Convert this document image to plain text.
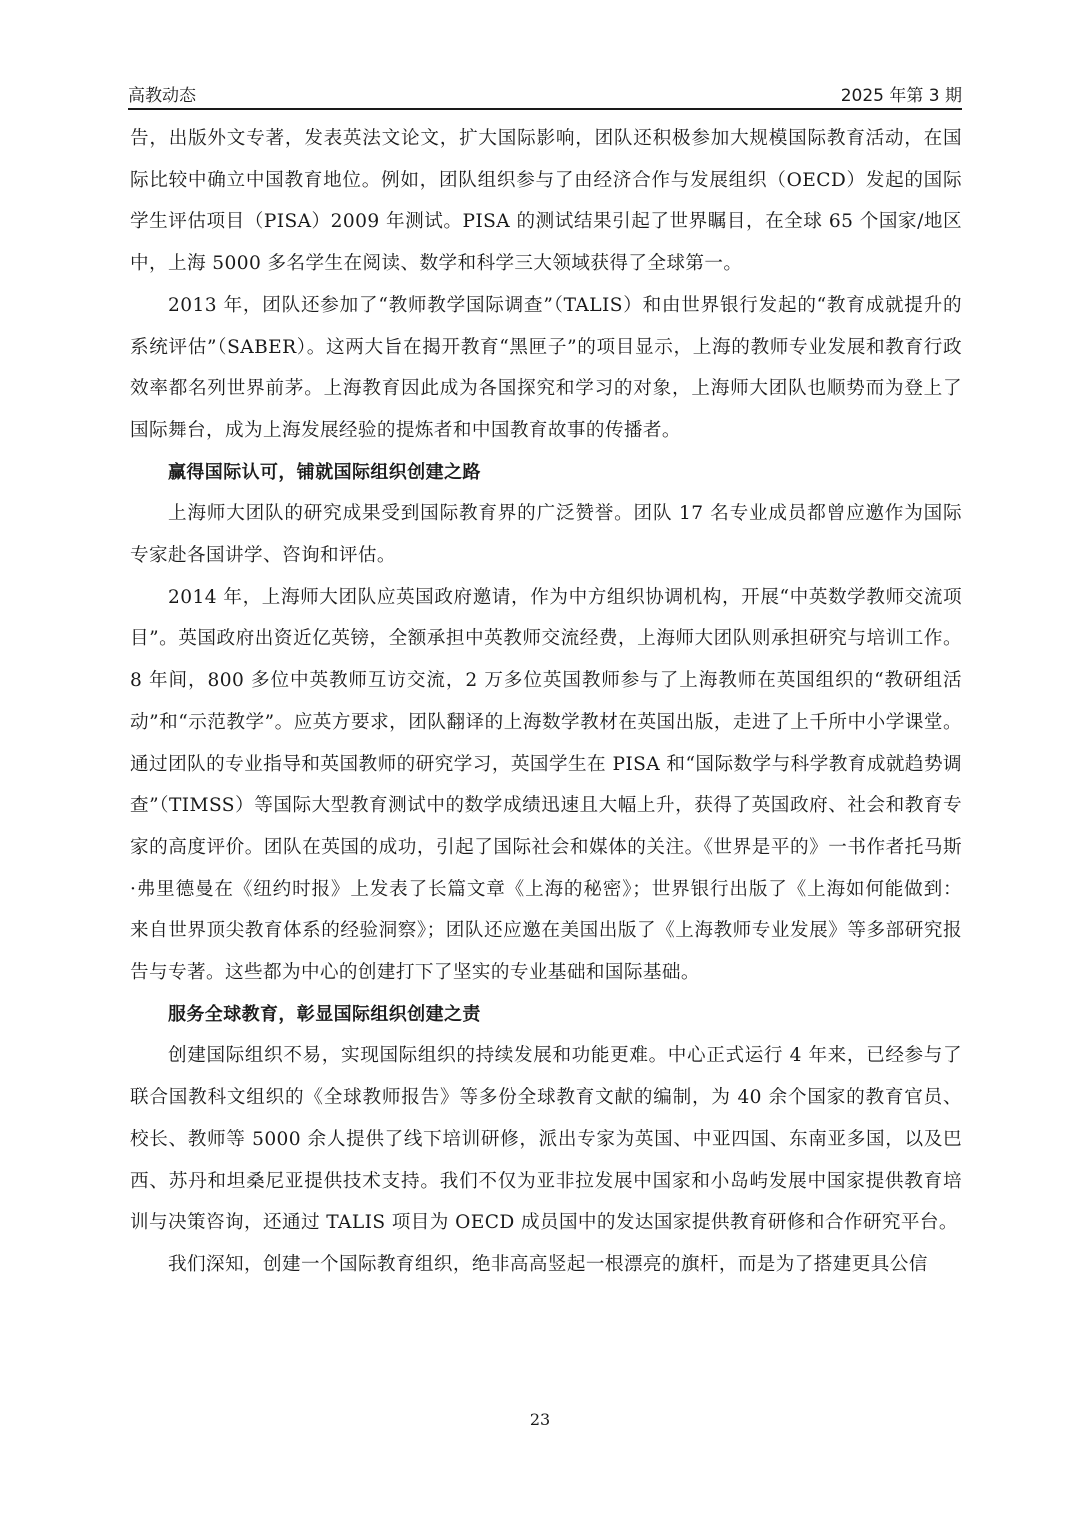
高教动态	2025 年第 3 期

告，出版外文专著，发表英法文论文，扩大国际影响，团队还积极参加大规模国际教育活动，在国际比较中确立中国教育地位。例如，团队组织参与了由经济合作与发展组织（OECD）发起的国际学生评估项目（PISA）2009 年测试。PISA 的测试结果引起了世界瞩目，在全球 65 个国家/地区中，上海 5000 多名学生在阅读、数学和科学三大领域获得了全球第一。

2013 年，团队还参加了“教师教学国际调查”（TALIS）和由世界银行发起的“教育成就提升的系统评估”（SABER）。这两大旨在揭开教育“黑匣子”的项目显示，上海的教师专业发展和教育行政效率都名列世界前茅。上海教育因此成为各国探究和学习的对象，上海师大团队也顺势而为登上了国际舞台，成为上海发展经验的提炼者和中国教育故事的传播者。

赢得国际认可，铺就国际组织创建之路

上海师大团队的研究成果受到国际教育界的广泛赞誉。团队 17 名专业成员都曾应邀作为国际专家赴各国讲学、咨询和评估。

2014 年，上海师大团队应英国政府邀请，作为中方组织协调机构，开展“中英数学教师交流项目”。英国政府出资近亿英镑，全额承担中英教师交流经费，上海师大团队则承担研究与培训工作。8 年间，800 多位中英教师互访交流，2 万多位英国教师参与了上海教师在英国组织的“教研组活动”和“示范教学”。应英方要求，团队翻译的上海数学教材在英国出版，走进了上千所中小学课堂。通过团队的专业指导和英国教师的研究学习，英国学生在 PISA 和“国际数学与科学教育成就趋势调查”（TIMSS）等国际大型教育测试中的数学成绩迅速且大幅上升，获得了英国政府、社会和教育专家的高度评价。团队在英国的成功，引起了国际社会和媒体的关注。《世界是平的》一书作者托马斯·弗里德曼在《纽约时报》上发表了长篇文章《上海的秘密》；世界银行出版了《上海如何能做到：来自世界顶尖教育体系的经验洞察》；团队还应邀在美国出版了《上海教师专业发展》等多部研究报告与专著。这些都为中心的创建打下了坚实的专业基础和国际基础。

服务全球教育，彰显国际组织创建之责

创建国际组织不易，实现国际组织的持续发展和功能更难。中心正式运行 4 年来，已经参与了联合国教科文组织的《全球教师报告》等多份全球教育文献的编制，为 40 余个国家的教育官员、校长、教师等 5000 余人提供了线下培训研修，派出专家为英国、中亚四国、东南亚多国，以及巴西、苏丹和坦桑尼亚提供技术支持。我们不仅为亚非拉发展中国家和小岛屿发展中国家提供教育培训与决策咨询，还通过 TALIS 项目为 OECD 成员国中的发达国家提供教育研修和合作研究平台。

我们深知，创建一个国际教育组织，绝非高高竖起一根漂亮的旗杆，而是为了搭建更具公信

23
